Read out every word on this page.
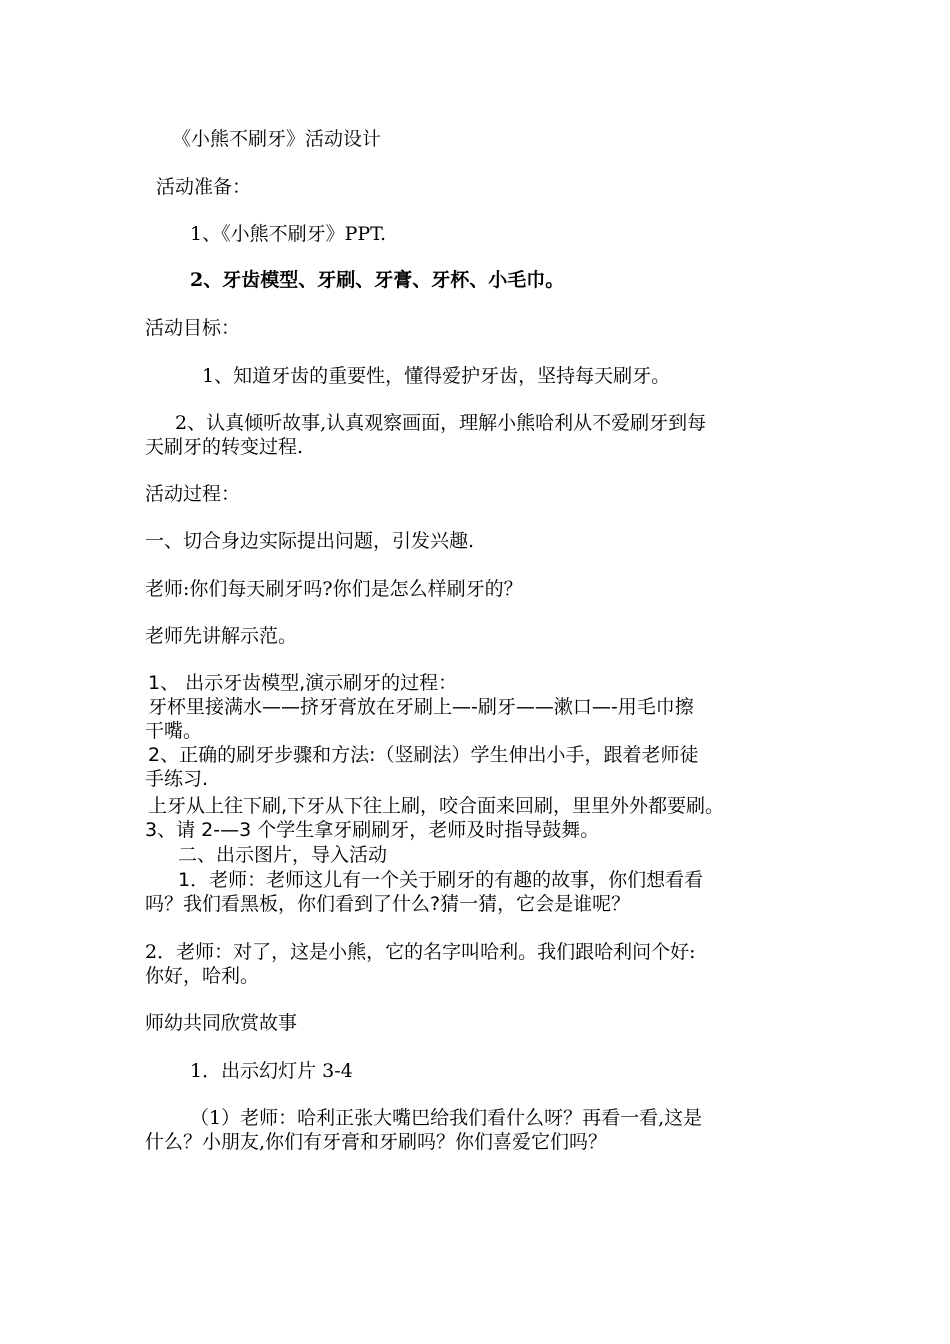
《小熊不刷牙》活动设计
活动准备：
1、《小熊不刷牙》PPT.
2、牙齿模型、牙刷、牙膏、牙杯、小毛巾。
活动目标：
1、知道牙齿的重要性，懂得爱护牙齿，坚持每天刷牙。
2、认真倾听故事,认真观察画面，理解小熊哈利从不爱刷牙到每
天刷牙的转变过程.
活动过程：
一、切合身边实际提出问题，引发兴趣.
老师:你们每天刷牙吗?你们是怎么样刷牙的？
老师先讲解示范。
1、 出示牙齿模型,演示刷牙的过程：
牙杯里接满水——挤牙膏放在牙刷上—-刷牙——漱口—-用毛巾擦
干嘴。
2、正确的刷牙步骤和方法:（竖刷法）学生伸出小手，跟着老师徒
手练习.
上牙从上往下刷,下牙从下往上刷，咬合面来回刷，里里外外都要刷。
3、请 2-—3 个学生拿牙刷刷牙，老师及时指导鼓舞。
二、出示图片，导入活动
1．老师：老师这儿有一个关于刷牙的有趣的故事，你们想看看
吗？我们看黑板，你们看到了什么?猜一猜，它会是谁呢？
2．老师：对了，这是小熊，它的名字叫哈利。我们跟哈利问个好:
你好，哈利。
师幼共同欣赏故事
1．出示幻灯片 3-4
（1）老师：哈利正张大嘴巴给我们看什么呀？再看一看,这是
什么？小朋友,你们有牙膏和牙刷吗？你们喜爱它们吗？
